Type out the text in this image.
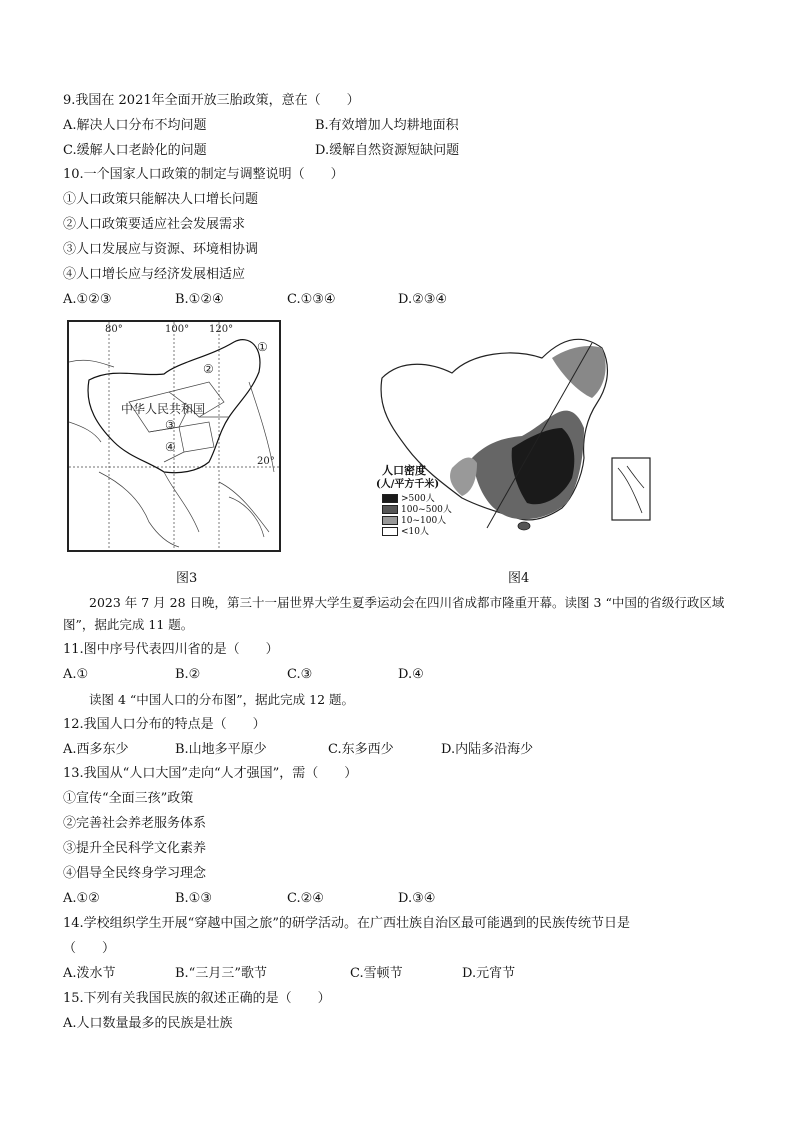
9.我国在 2021年全面开放三胎政策，意在（　　）
A.解决人口分布不均问题	B.有效增加人均耕地面积
C.缓解人口老龄化的问题	D.缓解自然资源短缺问题
10.一个国家人口政策的制定与调整说明（　　）
①人口政策只能解决人口增长问题
②人口政策要适应社会发展需求
③人口发展应与资源、环境相协调
④人口增长应与经济发展相适应
A.①②③	B.①②④	C.①③④	D.②③④
80°	100° 120°
20°
中华人民共和国
①
②
③
④
图3
人口密度
(人/平方千米)
>500人
100~500人
10~100人
<10人
图4
2023 年 7 月 28 日晚，第三十一届世界大学生夏季运动会在四川省成都市隆重开幕。读图 3 “中国的省级行政区域图”，据此完成 11 题。
11.图中序号代表四川省的是（　　）
A.①	B.②	C.③	D.④
读图 4 “中国人口的分布图”，据此完成 12 题。
12.我国人口分布的特点是（　　）
A.西多东少	B.山地多平原少	C.东多西少	D.内陆多沿海少
13.我国从“人口大国”走向“人才强国”，需（　　）
①宣传“全面三孩”政策
②完善社会养老服务体系
③提升全民科学文化素养
④倡导全民终身学习理念
A.①②	B.①③	C.②④	D.③④
14.学校组织学生开展“穿越中国之旅”的研学活动。在广西壮族自治区最可能遇到的民族传统节日是
（　　）
A.泼水节	B.“三月三”歌节	C.雪顿节	D.元宵节
15.下列有关我国民族的叙述正确的是（　　）
A.人口数量最多的民族是壮族
